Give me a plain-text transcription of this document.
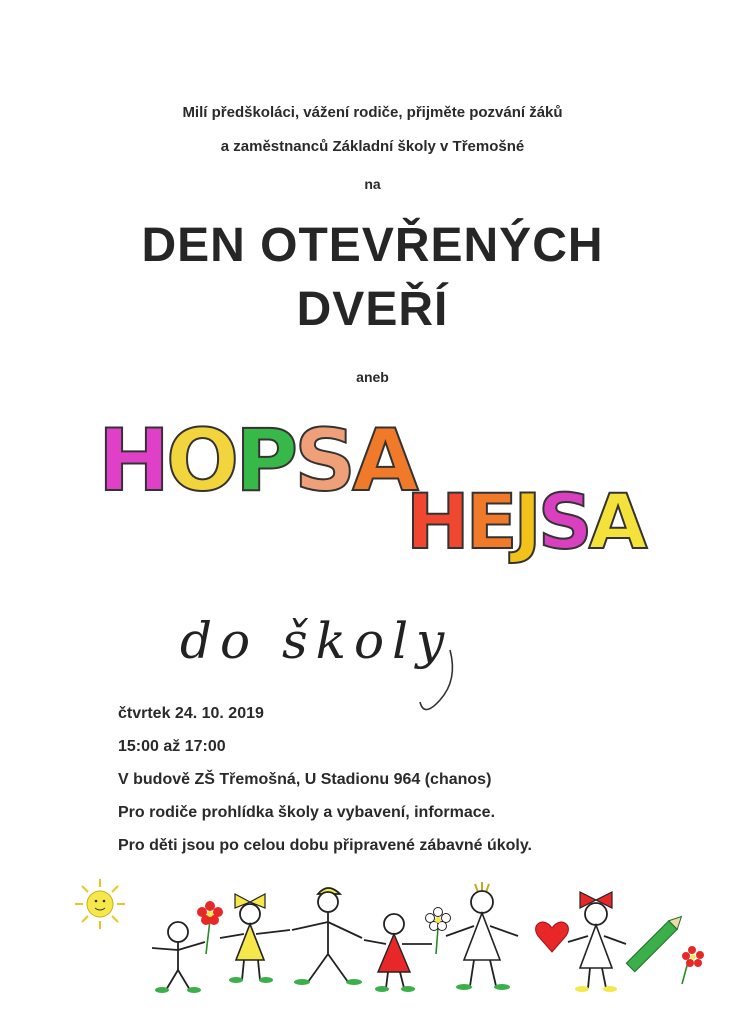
Milí předškoláci, vážení rodiče, přijměte pozvání žáků
a zaměstnanců Základní školy v Třemošné
na
DEN OTEVŘENÝCH
DVEŘÍ
aneb
HOPSA
HEJSA
do školy
čtvrtek 24. 10. 2019
15:00 až 17:00
V budově ZŠ Třemošná, U Stadionu 964 (chanos)
Pro rodiče prohlídka školy a vybavení, informace.
Pro děti jsou po celou dobu připravené zábavné úkoly.
